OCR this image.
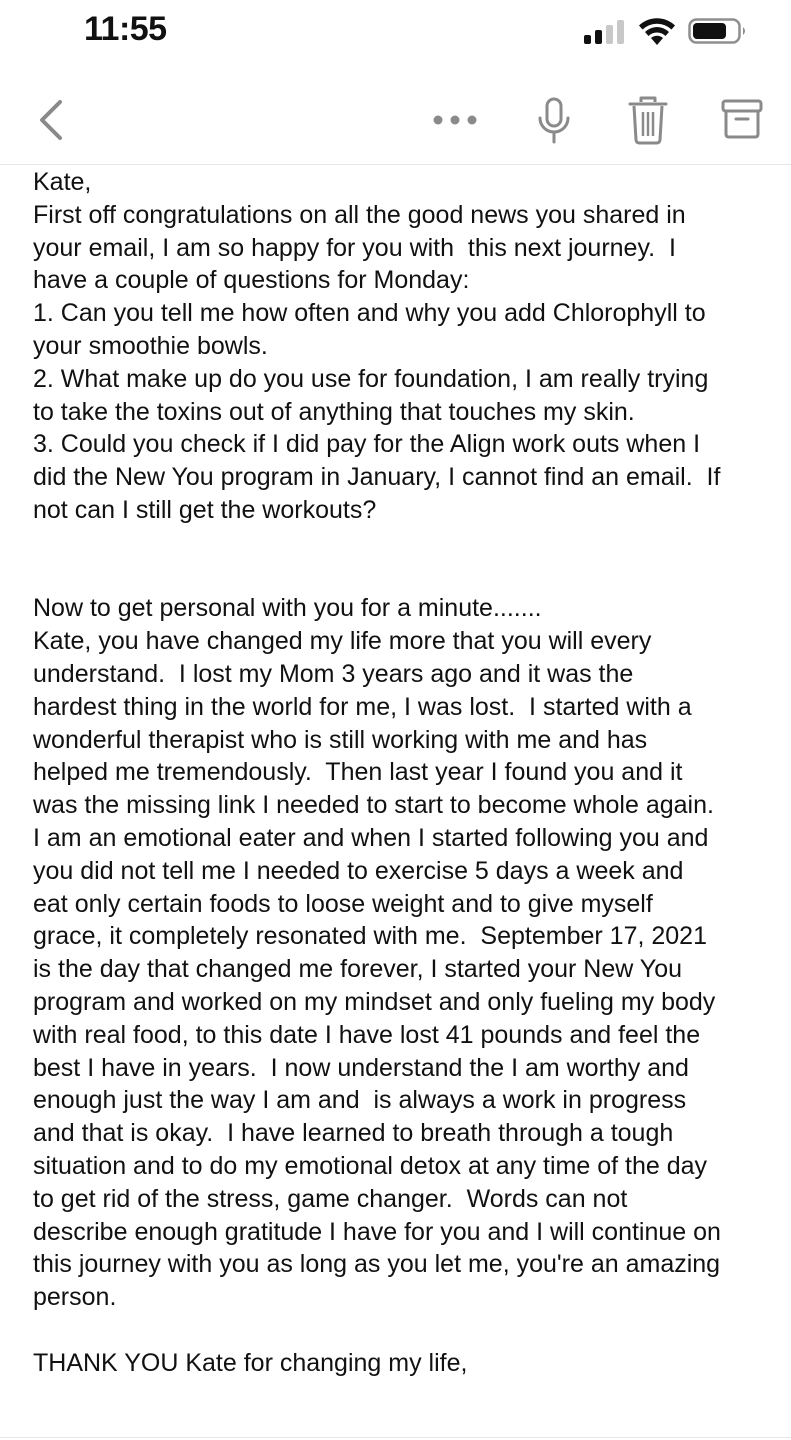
11:55
Kate,
First off congratulations on all the good news you shared in
your email, I am so happy for you with  this next journey.  I
have a couple of questions for Monday:
1. Can you tell me how often and why you add Chlorophyll to
your smoothie bowls.
2. What make up do you use for foundation, I am really trying
to take the toxins out of anything that touches my skin.
3. Could you check if I did pay for the Align work outs when I
did the New You program in January, I cannot find an email.  If
not can I still get the workouts?

Now to get personal with you for a minute.......
Kate, you have changed my life more that you will every
understand.  I lost my Mom 3 years ago and it was the
hardest thing in the world for me, I was lost.  I started with a
wonderful therapist who is still working with me and has
helped me tremendously.  Then last year I found you and it
was the missing link I needed to start to become whole again.
I am an emotional eater and when I started following you and
you did not tell me I needed to exercise 5 days a week and
eat only certain foods to loose weight and to give myself
grace, it completely resonated with me.  September 17, 2021
is the day that changed me forever, I started your New You
program and worked on my mindset and only fueling my body
with real food, to this date I have lost 41 pounds and feel the
best I have in years.  I now understand the I am worthy and
enough just the way I am and  is always a work in progress
and that is okay.  I have learned to breath through a tough
situation and to do my emotional detox at any time of the day
to get rid of the stress, game changer.  Words can not
describe enough gratitude I have for you and I will continue on
this journey with you as long as you let me, you're an amazing
person.

THANK YOU Kate for changing my life,
